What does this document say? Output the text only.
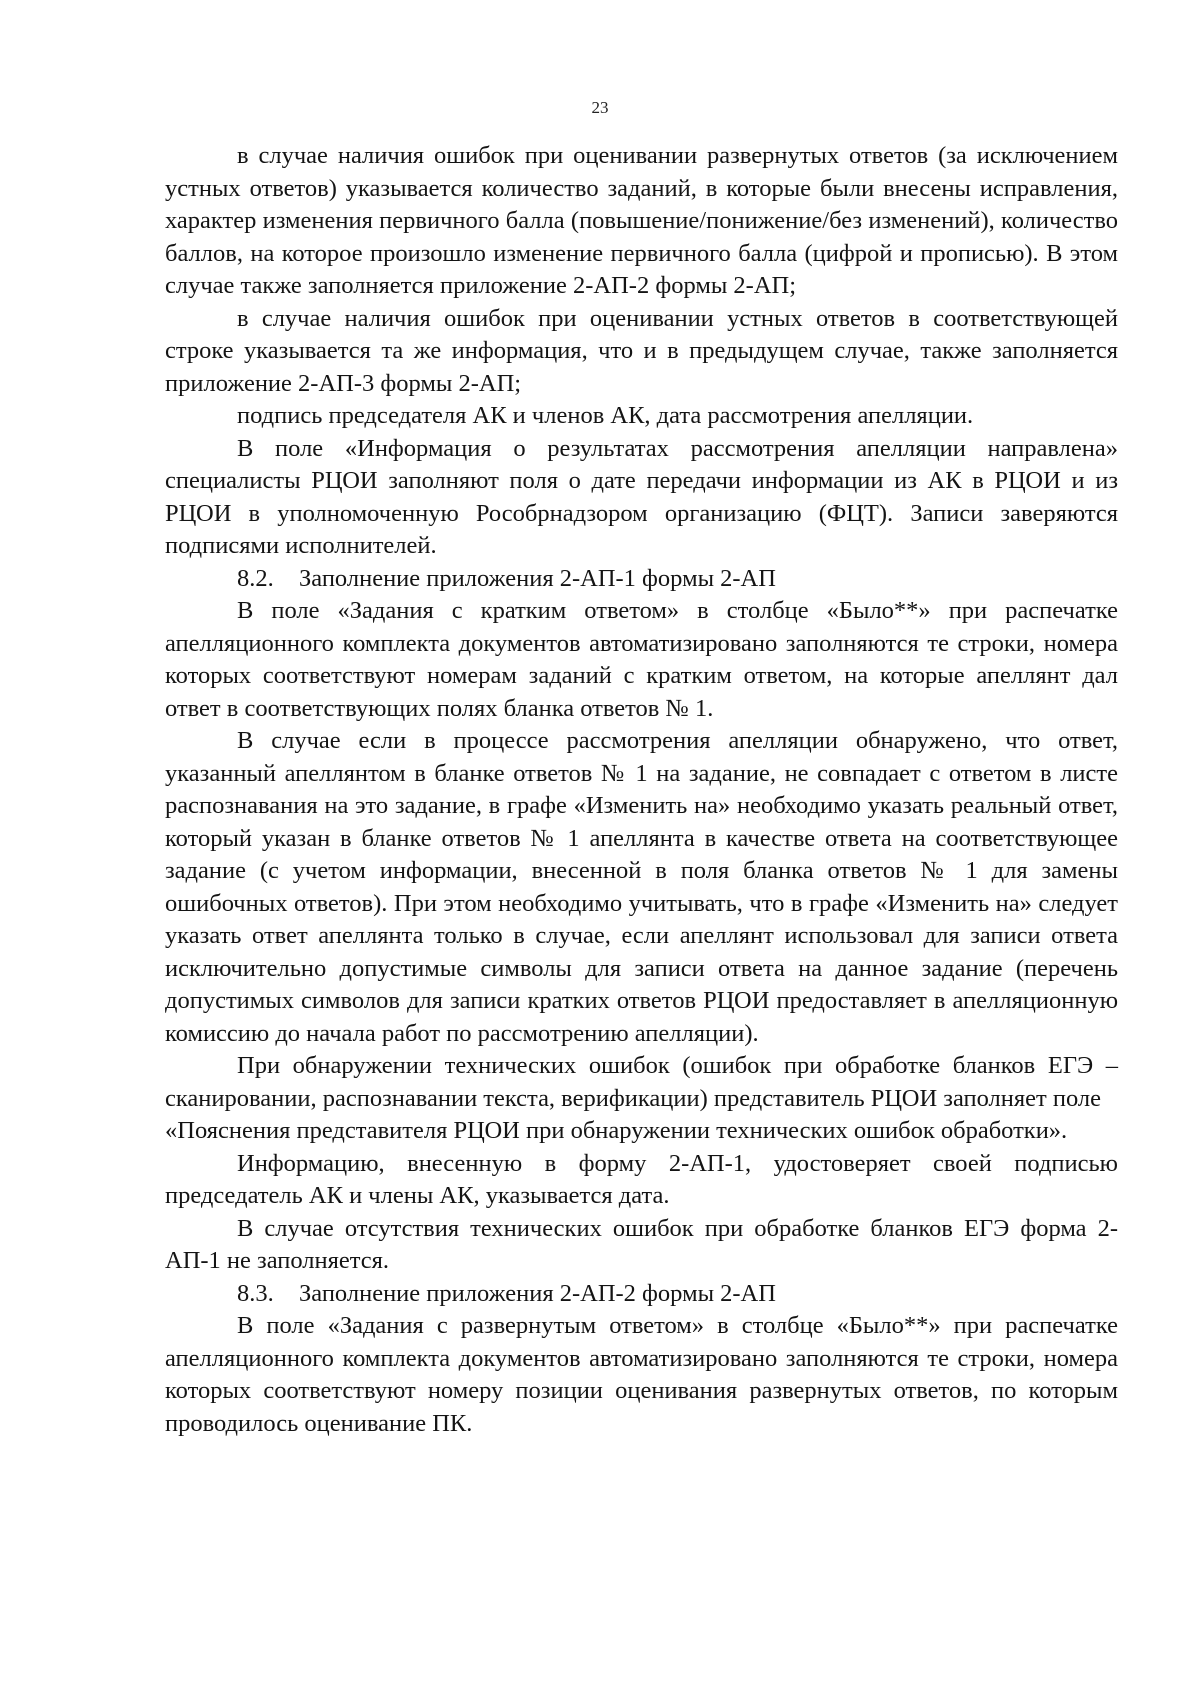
23

в случае наличия ошибок при оценивании развернутых ответов (за исключением устных ответов) указывается количество заданий, в которые были внесены исправления, характер изменения первичного балла (повышение/понижение/без изменений), количество баллов, на которое произошло изменение первичного балла (цифрой и прописью). В этом случае также заполняется приложение 2-АП-2 формы 2-АП;

в случае наличия ошибок при оценивании устных ответов в соответствующей строке указывается та же информация, что и в предыдущем случае, также заполняется приложение 2-АП-3 формы 2-АП;

подпись председателя АК и членов АК, дата рассмотрения апелляции.

В поле «Информация о результатах рассмотрения апелляции направлена» специалисты РЦОИ заполняют поля о дате передачи информации из АК в РЦОИ и из РЦОИ в уполномоченную Рособрнадзором организацию (ФЦТ). Записи заверяются подписями исполнителей.

8.2. Заполнение приложения 2-АП-1 формы 2-АП

В поле «Задания с кратким ответом» в столбце «Было**» при распечатке апелляционного комплекта документов автоматизировано заполняются те строки, номера которых соответствуют номерам заданий с кратким ответом, на которые апеллянт дал ответ в соответствующих полях бланка ответов № 1.

В случае если в процессе рассмотрения апелляции обнаружено, что ответ, указанный апеллянтом в бланке ответов № 1 на задание, не совпадает с ответом в листе распознавания на это задание, в графе «Изменить на» необходимо указать реальный ответ, который указан в бланке ответов № 1 апеллянта в качестве ответа на соответствующее задание (с учетом информации, внесенной в поля бланка ответов № 1 для замены ошибочных ответов). При этом необходимо учитывать, что в графе «Изменить на» следует указать ответ апеллянта только в случае, если апеллянт использовал для записи ответа исключительно допустимые символы для записи ответа на данное задание (перечень допустимых символов для записи кратких ответов РЦОИ предоставляет в апелляционную комиссию до начала работ по рассмотрению апелляции).

При обнаружении технических ошибок (ошибок при обработке бланков ЕГЭ – сканировании, распознавании текста, верификации) представитель РЦОИ заполняет поле

«Пояснения представителя РЦОИ при обнаружении технических ошибок обработки».

Информацию, внесенную в форму 2-АП-1, удостоверяет своей подписью председатель АК и члены АК, указывается дата.

В случае отсутствия технических ошибок при обработке бланков ЕГЭ форма 2-АП-1 не заполняется.

8.3. Заполнение приложения 2-АП-2 формы 2-АП

В поле «Задания с развернутым ответом» в столбце «Было**» при распечатке апелляционного комплекта документов автоматизировано заполняются те строки, номера которых соответствуют номеру позиции оценивания развернутых ответов, по которым проводилось оценивание ПК.
